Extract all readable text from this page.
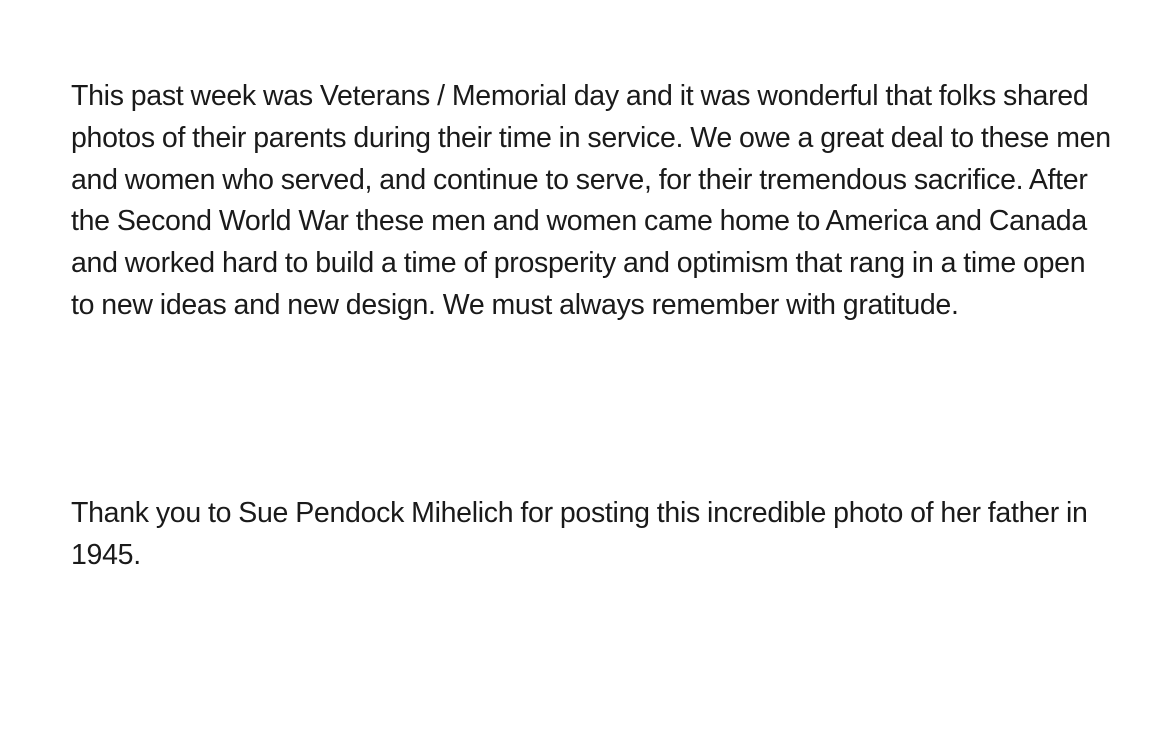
This past week was Veterans / Memorial day and it was wonderful that folks shared photos of their parents during their time in service. We owe a great deal to these men and women who served, and continue to serve, for their tremendous sacrifice. After the Second World War these men and women came home to America and Canada and worked hard to build a time of prosperity and optimism that rang in a time open to new ideas and new design. We must always remember with gratitude.

Thank you to Sue Pendock Mihelich for posting this incredible photo of her father in 1945.
